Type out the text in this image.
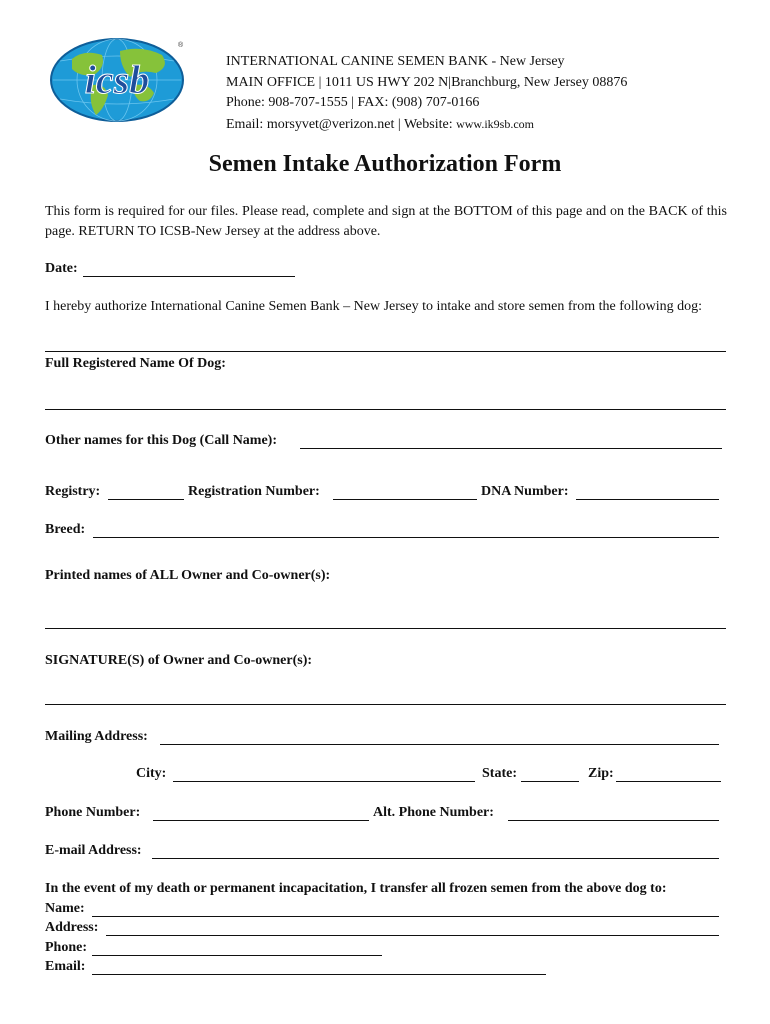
icsb
®
INTERNATIONAL CANINE SEMEN BANK - New Jersey
MAIN OFFICE | 1011 US HWY 202 N|Branchburg, New Jersey 08876
Phone: 908-707-1555 | FAX: (908) 707-0166
Email: morsyvet@verizon.net | Website: www.ik9sb.com
Semen Intake Authorization Form
This form is required for our files. Please read, complete and sign at the BOTTOM of this page and on the BACK of this page. RETURN TO ICSB-New Jersey at the address above.
Date:
I hereby authorize International Canine Semen Bank – New Jersey to intake and store semen from the following dog:
Full Registered Name Of Dog:
Other names for this Dog (Call Name):
Registry:	Registration Number:	DNA Number:
Breed:
Printed names of ALL Owner and Co-owner(s):
SIGNATURE(S) of Owner and Co-owner(s):
Mailing Address:
City:	State:	Zip:
Phone Number:	Alt. Phone Number:
E-mail Address:
In the event of my death or permanent incapacitation, I transfer all frozen semen from the above dog to:
Name:
Address:
Phone:
Email:
